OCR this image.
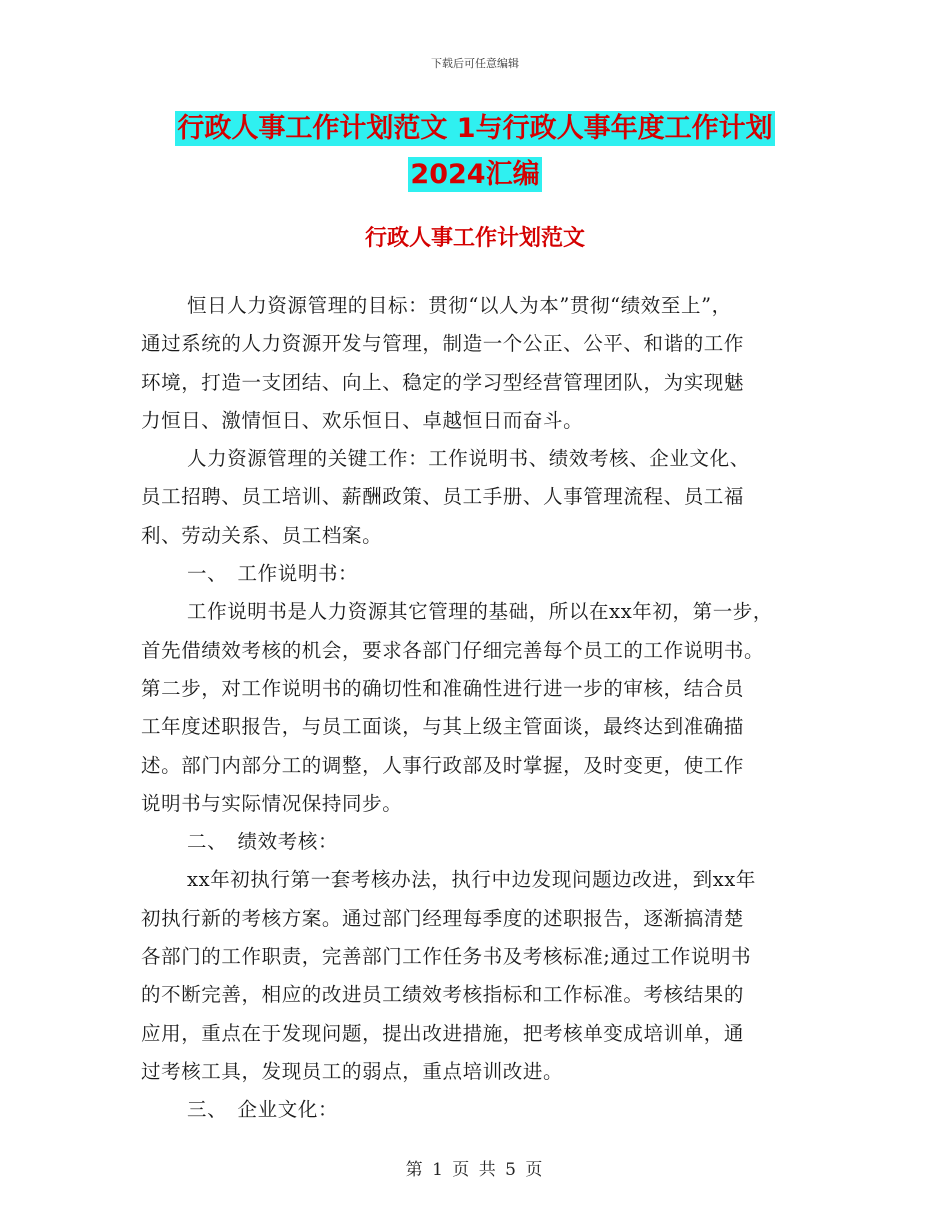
下载后可任意编辑
行政人事工作计划范文 1与行政人事年度工作计划
2024汇编
行政人事工作计划范文
恒日人力资源管理的目标：贯彻“以人为本”贯彻“绩效至上”，
通过系统的人力资源开发与管理，制造一个公正、公平、和谐的工作
环境，打造一支团结、向上、稳定的学习型经营管理团队，为实现魅
力恒日、激情恒日、欢乐恒日、卓越恒日而奋斗。
人力资源管理的关键工作：工作说明书、绩效考核、企业文化、
员工招聘、员工培训、薪酬政策、员工手册、人事管理流程、员工福
利、劳动关系、员工档案。
一、　工作说明书：
工作说明书是人力资源其它管理的基础，所以在xx年初，第一步，
首先借绩效考核的机会，要求各部门仔细完善每个员工的工作说明书。
第二步，对工作说明书的确切性和准确性进行进一步的审核，结合员
工年度述职报告，与员工面谈，与其上级主管面谈，最终达到准确描
述。部门内部分工的调整，人事行政部及时掌握，及时变更，使工作
说明书与实际情况保持同步。
二、　绩效考核：
xx年初执行第一套考核办法，执行中边发现问题边改进，到xx年
初执行新的考核方案。通过部门经理每季度的述职报告，逐渐搞清楚
各部门的工作职责，完善部门工作任务书及考核标准;通过工作说明书
的不断完善，相应的改进员工绩效考核指标和工作标准。考核结果的
应用，重点在于发现问题，提出改进措施，把考核单变成培训单，通
过考核工具，发现员工的弱点，重点培训改进。
三、　企业文化：
第 1 页 共 5 页
